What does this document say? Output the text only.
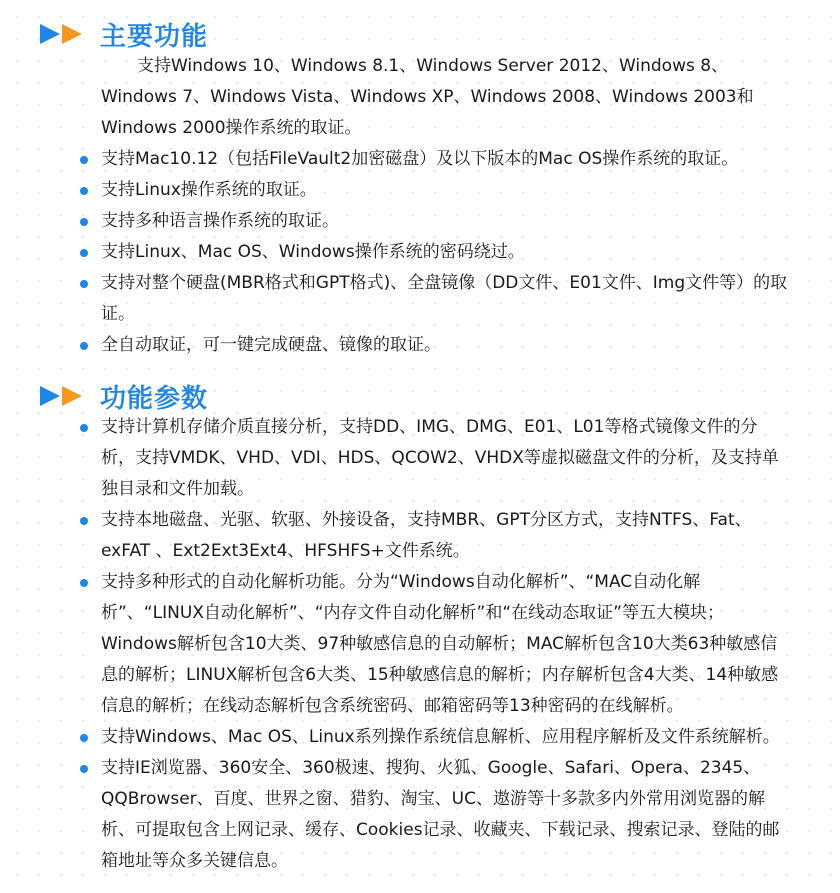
主要功能

支持Windows 10、Windows 8.1、Windows Server 2012、Windows 8、Windows 7、Windows Vista、Windows XP、Windows 2008、Windows 2003和Windows 2000操作系统的取证。

支持Mac10.12（包括FileVault2加密磁盘）及以下版本的Mac OS操作系统的取证。
支持Linux操作系统的取证。
支持多种语言操作系统的取证。
支持Linux、Mac OS、Windows操作系统的密码绕过。
支持对整个硬盘(MBR格式和GPT格式)、全盘镜像（DD文件、E01文件、Img文件等）的取证。
全自动取证，可一键完成硬盘、镜像的取证。
功能参数
支持计算机存储介质直接分析，支持DD、IMG、DMG、E01、L01等格式镜像文件的分析，支持VMDK、VHD、VDI、HDS、QCOW2、VHDX等虚拟磁盘文件的分析，及支持单独目录和文件加载。
支持本地磁盘、光驱、软驱、外接设备，支持MBR、GPT分区方式，支持NTFS、Fat、exFAT 、Ext2Ext3Ext4、HFSHFS+文件系统。
支持多种形式的自动化解析功能。分为“Windows自动化解析”、“MAC自动化解析”、“LINUX自动化解析”、“内存文件自动化解析”和“在线动态取证”等五大模块；Windows解析包含10大类、97种敏感信息的自动解析；MAC解析包含10大类63种敏感信息的解析；LINUX解析包含6大类、15种敏感信息的解析；内存解析包含4大类、14种敏感信息的解析；在线动态解析包含系统密码、邮箱密码等13种密码的在线解析。
支持Windows、Mac OS、Linux系列操作系统信息解析、应用程序解析及文件系统解析。
支持IE浏览器、360安全、360极速、搜狗、火狐、Google、Safari、Opera、2345、QQBrowser、百度、世界之窗、猎豹、淘宝、UC、遨游等十多款多内外常用浏览器的解析、可提取包含上网记录、缓存、Cookies记录、收藏夹、下载记录、搜索记录、登陆的邮箱地址等众多关键信息。
